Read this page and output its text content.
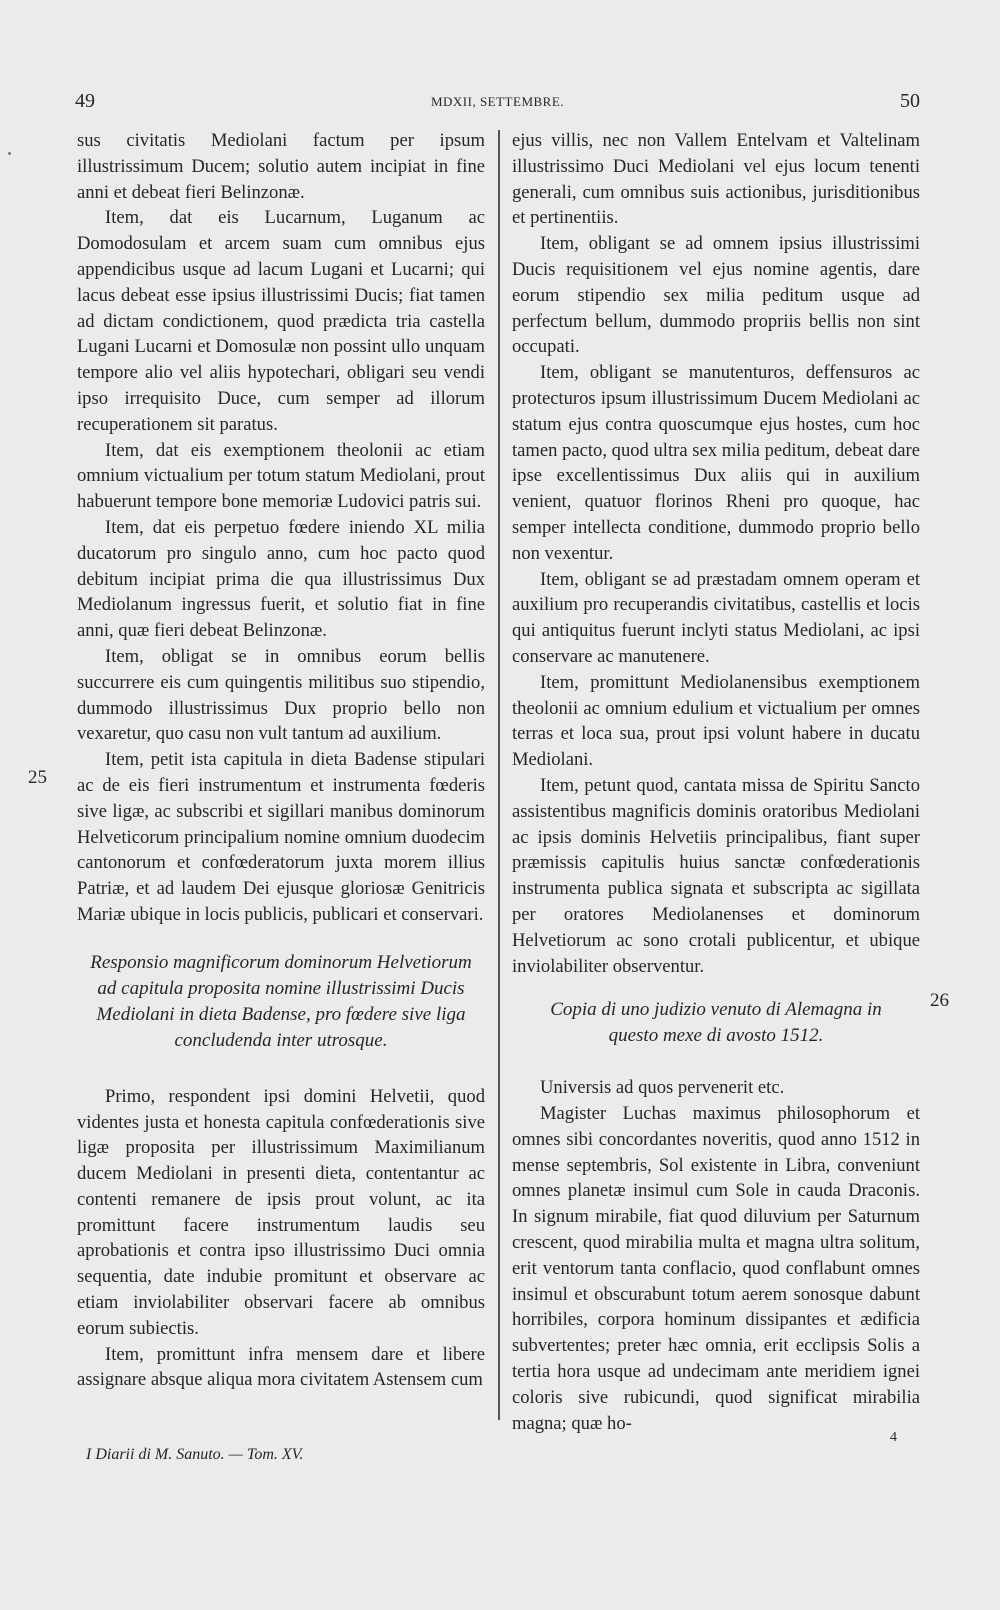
49	MDXII, SETTEMBRE.	50
25
26

sus civitatis Mediolani factum per ipsum illustrissimum Ducem; solutio autem incipiat in fine anni et debeat fieri Belinzonæ.

Item, dat eis Lucarnum, Luganum ac Domodosulam et arcem suam cum omnibus ejus appendicibus usque ad lacum Lugani et Lucarni; qui lacus debeat esse ipsius illustrissimi Ducis; fiat tamen ad dictam condictionem, quod prædicta tria castella Lugani Lucarni et Domosulæ non possint ullo unquam tempore alio vel aliis hypotechari, obligari seu vendi ipso irrequisito Duce, cum semper ad illorum recuperationem sit paratus.

Item, dat eis exemptionem theolonii ac etiam omnium victualium per totum statum Mediolani, prout habuerunt tempore bone memoriæ Ludovici patris sui.

Item, dat eis perpetuo fœdere iniendo XL milia ducatorum pro singulo anno, cum hoc pacto quod debitum incipiat prima die qua illustrissimus Dux Mediolanum ingressus fuerit, et solutio fiat in fine anni, quæ fieri debeat Belinzonæ.

Item, obligat se in omnibus eorum bellis succurrere eis cum quingentis militibus suo stipendio, dummodo illustrissimus Dux proprio bello non vexaretur, quo casu non vult tantum ad auxilium.

Item, petit ista capitula in dieta Badense stipulari ac de eis fieri instrumentum et instrumenta fœderis sive ligæ, ac subscribi et sigillari manibus dominorum Helveticorum principalium nomine omnium duodecim cantonorum et confœderatorum juxta morem illius Patriæ, et ad laudem Dei ejusque gloriosæ Genitricis Mariæ ubique in locis publicis, publicari et conservari.

Responsio magnificorum dominorum Helvetiorum ad capitula proposita nomine illustrissimi Ducis Mediolani in dieta Badense, pro fœdere sive liga concludenda inter utrosque.

Primo, respondent ipsi domini Helvetii, quod videntes justa et honesta capitula confœderationis sive ligæ proposita per illustrissimum Maximilianum ducem Mediolani in presenti dieta, contentantur ac contenti remanere de ipsis prout volunt, ac ita promittunt facere instrumentum laudis seu aprobationis et contra ipso illustrissimo Duci omnia sequentia, date indubie promitunt et observare ac etiam inviolabiliter observari facere ab omnibus eorum subiectis.

Item, promittunt infra mensem dare et libere assignare absque aliqua mora civitatem Astensem cum

ejus villis, nec non Vallem Entelvam et Valtelinam illustrissimo Duci Mediolani vel ejus locum tenenti generali, cum omnibus suis actionibus, jurisditionibus et pertinentiis.

Item, obligant se ad omnem ipsius illustrissimi Ducis requisitionem vel ejus nomine agentis, dare eorum stipendio sex milia peditum usque ad perfectum bellum, dummodo propriis bellis non sint occupati.

Item, obligant se manutenturos, deffensuros ac protecturos ipsum illustrissimum Ducem Mediolani ac statum ejus contra quoscumque ejus hostes, cum hoc tamen pacto, quod ultra sex milia peditum, debeat dare ipse excellentissimus Dux aliis qui in auxilium venient, quatuor florinos Rheni pro quoque, hac semper intellecta conditione, dummodo proprio bello non vexentur.

Item, obligant se ad præstadam omnem operam et auxilium pro recuperandis civitatibus, castellis et locis qui antiquitus fuerunt inclyti status Mediolani, ac ipsi conservare ac manutenere.

Item, promittunt Mediolanensibus exemptionem theolonii ac omnium edulium et victualium per omnes terras et loca sua, prout ipsi volunt habere in ducatu Mediolani.

Item, petunt quod, cantata missa de Spiritu Sancto assistentibus magnificis dominis oratoribus Mediolani ac ipsis dominis Helvetiis principalibus, fiant super præmissis capitulis huius sanctæ confœderationis instrumenta publica signata et subscripta ac sigillata per oratores Mediolanenses et dominorum Helvetiorum ac sono crotali publicentur, et ubique inviolabiliter observentur.

Copia di uno judizio venuto di Alemagna in questo mexe di avosto 1512.

Universis ad quos pervenerit etc.

Magister Luchas maximus philosophorum et omnes sibi concordantes noveritis, quod anno 1512 in mense septembris, Sol existente in Libra, conveniunt omnes planetæ insimul cum Sole in cauda Draconis. In signum mirabile, fiat quod diluvium per Saturnum crescent, quod mirabilia multa et magna ultra solitum, erit ventorum tanta conflacio, quod conflabunt omnes insimul et obscurabunt totum aerem sonosque dabunt horribiles, corpora hominum dissipantes et ædificia subvertentes; preter hæc omnia, erit ecclipsis Solis a tertia hora usque ad undecimam ante meridiem ignei coloris sive rubicundi, quod significat mirabilia magna; quæ ho-

I Diarii di M. Sanuto. — Tom. XV.
4
